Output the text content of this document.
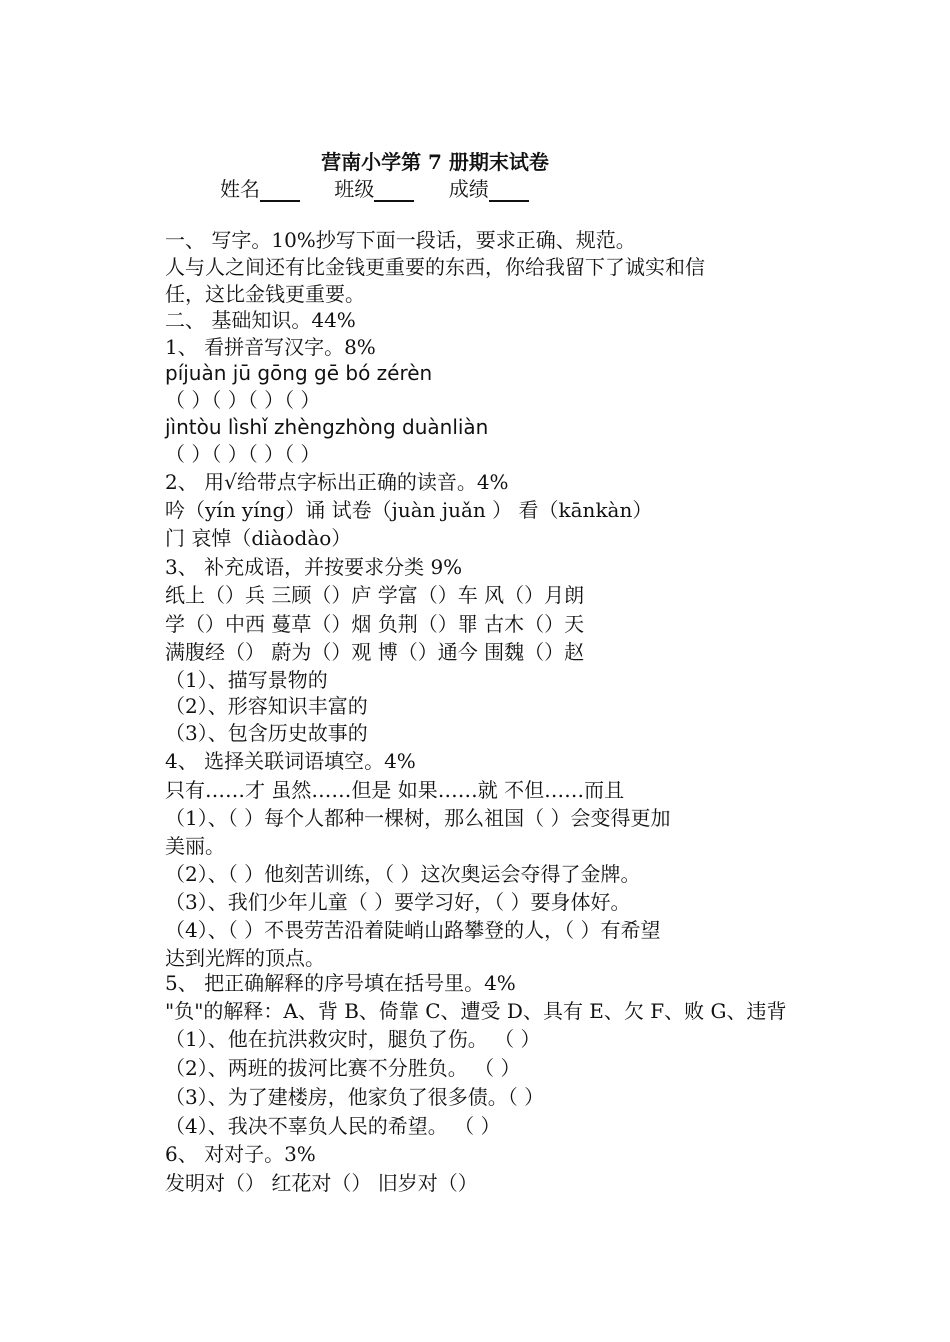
营南小学第 7 册期末试卷
姓名	班级	成绩
一、 写字。10%抄写下面一段话，要求正确、规范。
人与人之间还有比金钱更重要的东西，你给我留下了诚实和信
任，这比金钱更重要。
二、 基础知识。44%
1、 看拼音写汉字。8%
píjuàn jū gōng gē bó zérèn
（ ）（ ）（ ）（ ）
jìntòu lìshǐ zhèngzhòng duànliàn
（ ）（ ）（ ）（ ）
2、 用√给带点字标出正确的读音。4%
吟（yín yíng）诵 试卷（juàn juǎn ） 看（kānkàn）
门 哀悼（diàodào）
3、 补充成语，并按要求分类 9%
纸上（）兵 三顾（）庐 学富（）车 风（）月朗
学（）中西 蔓草（）烟 负荆（）罪 古木（）天
满腹经（） 蔚为（）观 博（）通今 围魏（）赵
（1）、描写景物的
（2）、形容知识丰富的
（3）、包含历史故事的
4、 选择关联词语填空。4%
只有……才 虽然……但是 如果……就 不但……而且
（1）、（ ）每个人都种一棵树，那么祖国（ ）会变得更加
美丽。
（2）、（ ）他刻苦训练，（ ）这次奥运会夺得了金牌。
（3）、我们少年儿童（ ）要学习好，（ ）要身体好。
（4）、（ ）不畏劳苦沿着陡峭山路攀登的人，（ ）有希望
达到光辉的顶点。
5、 把正确解释的序号填在括号里。4%
"负"的解释：A、背 B、倚靠 C、遭受 D、具有 E、欠 F、败 G、违背
（1）、他在抗洪救灾时，腿负了伤。 （ ）
（2）、两班的拔河比赛不分胜负。 （ ）
（3）、为了建楼房，他家负了很多债。（ ）
（4）、我决不辜负人民的希望。 （ ）
6、 对对子。3%
发明对（） 红花对（） 旧岁对（）
